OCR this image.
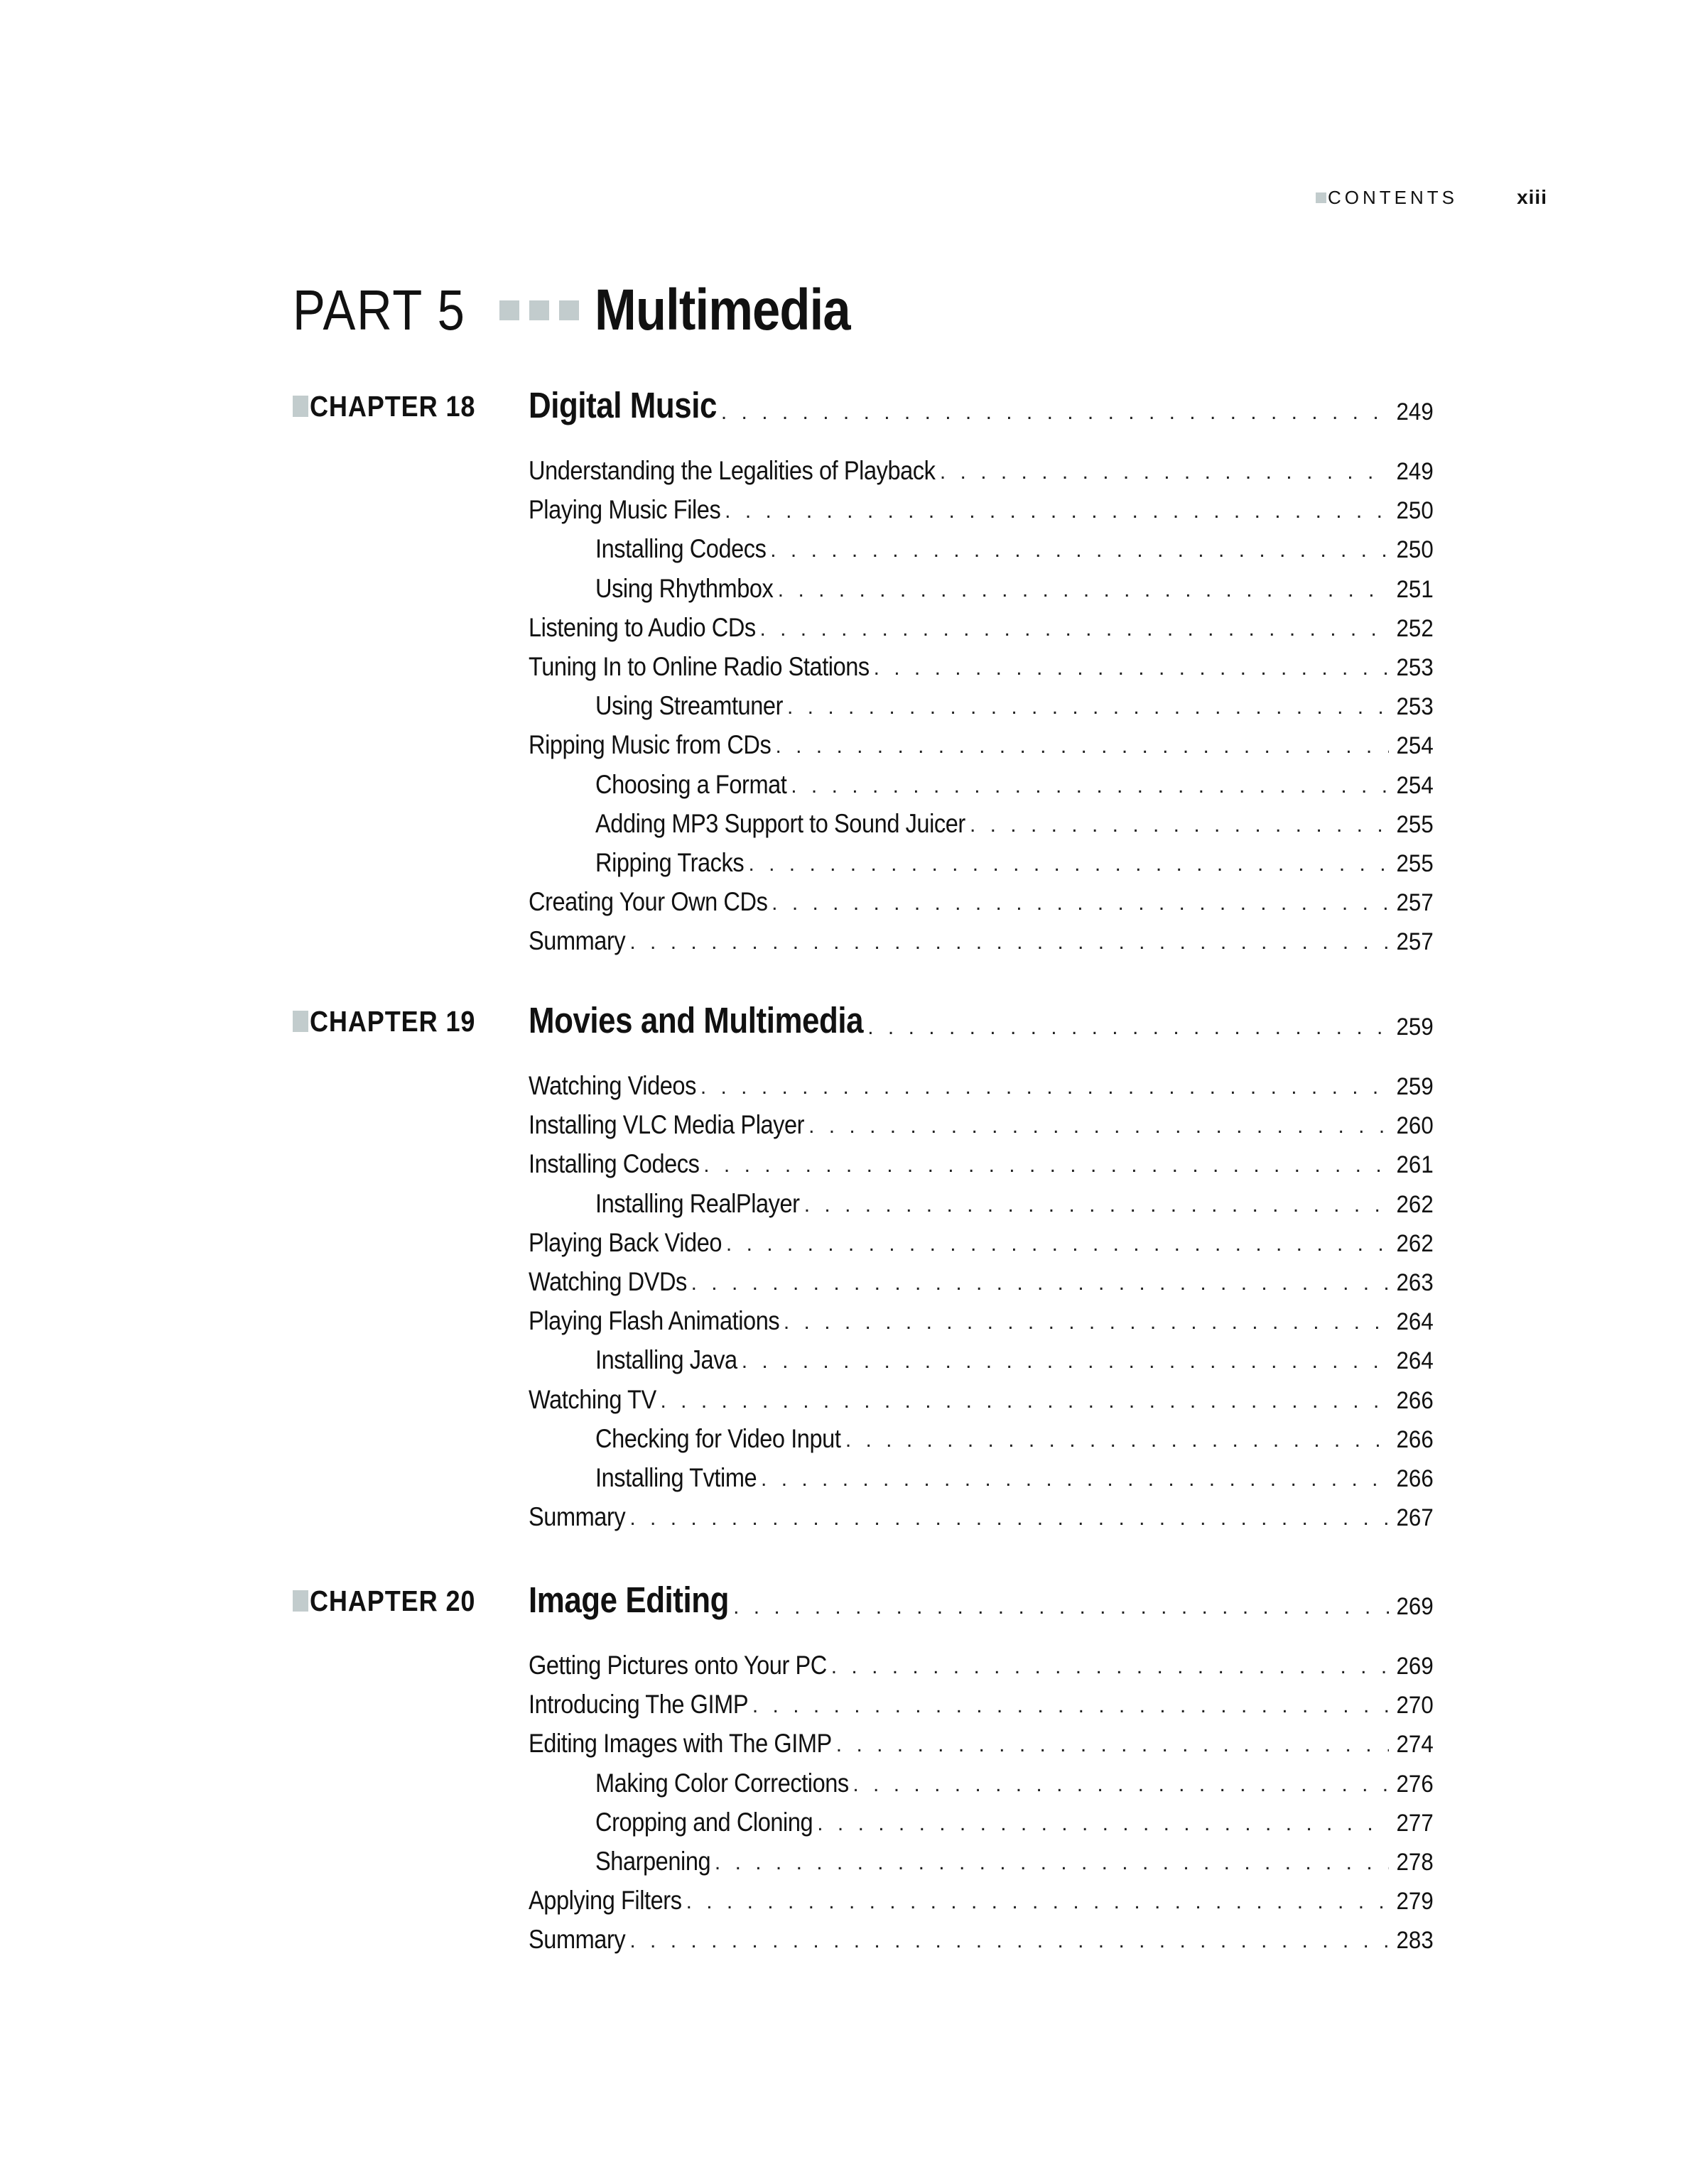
CONTENTS	xiii
PART 5 Multimedia
CHAPTER 18 Digital Music . . .	249
Understanding the Legalities of Playback . . .	249
Playing Music Files . . .	250
Installing Codecs . . .	250
Using Rhythmbox . . .	251
Listening to Audio CDs . . .	252
Tuning In to Online Radio Stations . . .	253
Using Streamtuner . . .	253
Ripping Music from CDs . . .	254
Choosing a Format . . .	254
Adding MP3 Support to Sound Juicer . . .	255
Ripping Tracks . . .	255
Creating Your Own CDs . . .	257
Summary . . .	257
CHAPTER 19 Movies and Multimedia . . .	259
Watching Videos . . .	259
Installing VLC Media Player . . .	260
Installing Codecs . . .	261
Installing RealPlayer . . .	262
Playing Back Video . . .	262
Watching DVDs . . .	263
Playing Flash Animations . . .	264
Installing Java . . .	264
Watching TV . . .	266
Checking for Video Input . . .	266
Installing Tvtime . . .	266
Summary . . .	267
CHAPTER 20 Image Editing . . .	269
Getting Pictures onto Your PC . . .	269
Introducing The GIMP . . .	270
Editing Images with The GIMP . . .	274
Making Color Corrections . . .	276
Cropping and Cloning . . .	277
Sharpening . . .	278
Applying Filters . . .	279
Summary . . .	283
